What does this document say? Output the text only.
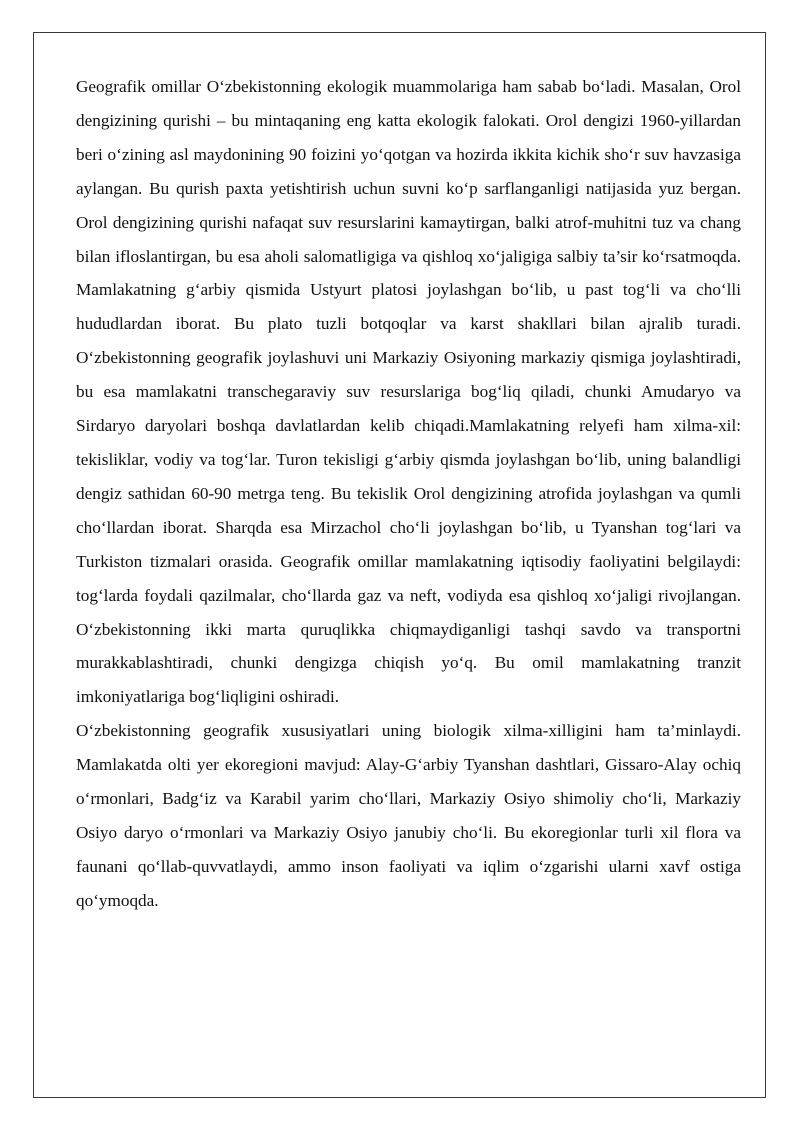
Geografik omillar O‘zbekistonning ekologik muammolariga ham sabab bo‘ladi. Masalan, Orol dengizining qurishi – bu mintaqaning eng katta ekologik falokati. Orol dengizi 1960-yillardan beri o‘zining asl maydonining 90 foizini yo‘qotgan va hozirda ikkita kichik sho‘r suv havzasiga aylangan. Bu qurish paxta yetishtirish uchun suvni ko‘p sarflanganligi natijasida yuz bergan. Orol dengizining qurishi nafaqat suv resurslarini kamaytirgan, balki atrof-muhitni tuz va chang bilan ifloslantirgan, bu esa aholi salomatligiga va qishloq xo‘jaligiga salbiy ta’sir ko‘rsatmoqda. Mamlakatning g‘arbiy qismida Ustyurt platosi joylashgan bo‘lib, u past tog‘li va cho‘lli hududlardan iborat. Bu plato tuzli botqoqlar va karst shakllari bilan ajralib turadi. O‘zbekistonning geografik joylashuvi uni Markaziy Osiyoning markaziy qismiga joylashtiradi, bu esa mamlakatni transchegaraviy suv resurslariga bog‘liq qiladi, chunki Amudaryo va Sirdaryo daryolari boshqa davlatlardan kelib chiqadi.Mamlakatning relyefi ham xilma-xil: tekisliklar, vodiy va tog‘lar. Turon tekisligi g‘arbiy qismda joylashgan bo‘lib, uning balandligi dengiz sathidan 60-90 metrga teng. Bu tekislik Orol dengizining atrofida joylashgan va qumli cho‘llardan iborat. Sharqda esa Mirzachol cho‘li joylashgan bo‘lib, u Tyanshan tog‘lari va Turkiston tizmalari orasida. Geografik omillar mamlakatning iqtisodiy faoliyatini belgilaydi: tog‘larda foydali qazilmalar, cho‘llarda gaz va neft, vodiyda esa qishloq xo‘jaligi rivojlangan. O‘zbekistonning ikki marta quruqlikka chiqmaydiganligi tashqi savdo va transportni murakkablashtiradi, chunki dengizga chiqish yo‘q. Bu omil mamlakatning tranzit imkoniyatlariga bog‘liqligini oshiradi.

O‘zbekistonning geografik xususiyatlari uning biologik xilma-xilligini ham ta’minlaydi. Mamlakatda olti yer ekoregioni mavjud: Alay-G‘arbiy Tyanshan dashtlari, Gissaro-Alay ochiq o‘rmonlari, Badg‘iz va Karabil yarim cho‘llari, Markaziy Osiyo shimoliy cho‘li, Markaziy Osiyo daryo o‘rmonlari va Markaziy Osiyo janubiy cho‘li. Bu ekoregionlar turli xil flora va faunani qo‘llab-quvvatlaydi, ammo inson faoliyati va iqlim o‘zgarishi ularni xavf ostiga qo‘ymoqda.
